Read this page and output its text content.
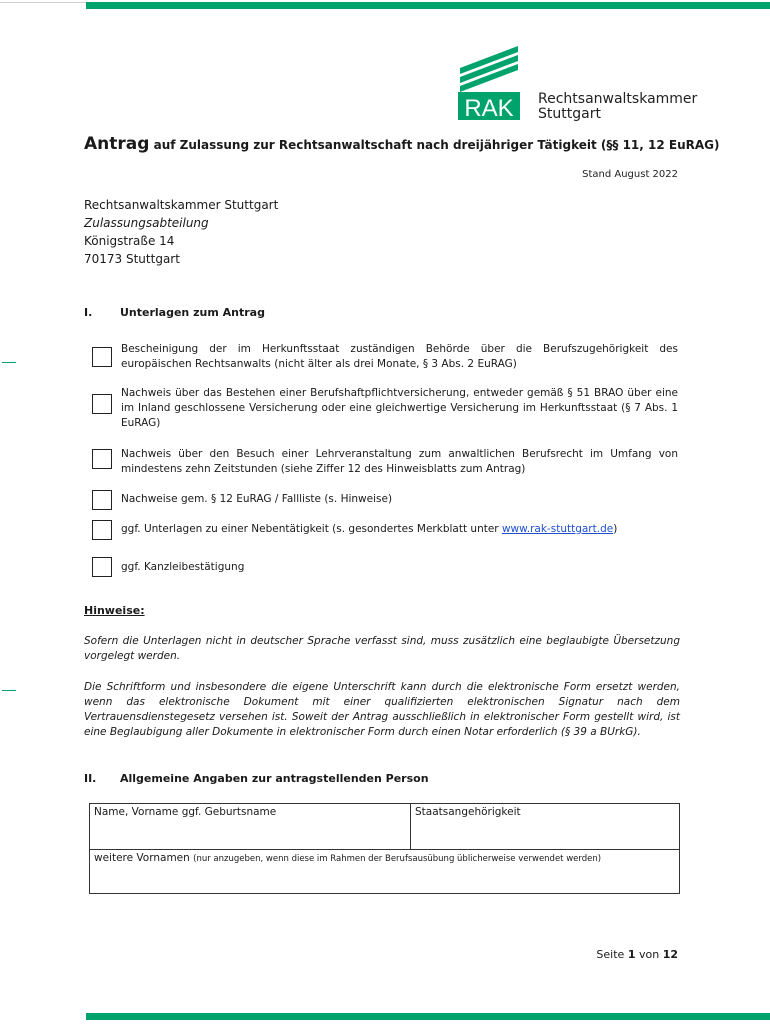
RAK Rechtsanwaltskammer
Stuttgart
Antrag auf Zulassung zur Rechtsanwaltschaft nach dreijähriger Tätigkeit (§§ 11, 12 EuRAG)
Stand August 2022
Rechtsanwaltskammer Stuttgart
Zulassungsabteilung
Königstraße 14
70173 Stuttgart
I.	Unterlagen zum Antrag
Bescheinigung der im Herkunftsstaat zuständigen Behörde über die Berufszugehörigkeit des europäischen Rechtsanwalts (nicht älter als drei Monate, § 3 Abs. 2 EuRAG)
Nachweis über das Bestehen einer Berufshaftpflichtversicherung, entweder gemäß § 51 BRAO über eine im Inland geschlossene Versicherung oder eine gleichwertige Versicherung im Herkunftsstaat (§ 7 Abs. 1 EuRAG)
Nachweis über den Besuch einer Lehrveranstaltung zum anwaltlichen Berufsrecht im Umfang von mindestens zehn Zeitstunden (siehe Ziffer 12 des Hinweisblatts zum Antrag)
Nachweise gem. § 12 EuRAG / Fallliste (s. Hinweise)
ggf. Unterlagen zu einer Nebentätigkeit (s. gesondertes Merkblatt unter www.rak-stuttgart.de)
ggf. Kanzleibestätigung
Hinweise:
Sofern die Unterlagen nicht in deutscher Sprache verfasst sind, muss zusätzlich eine beglaubigte Übersetzung vorgelegt werden.
Die Schriftform und insbesondere die eigene Unterschrift kann durch die elektronische Form ersetzt werden, wenn das elektronische Dokument mit einer qualifizierten elektronischen Signatur nach dem Vertrauensdienstegesetz versehen ist. Soweit der Antrag ausschließlich in elektronischer Form gestellt wird, ist eine Beglaubigung aller Dokumente in elektronischer Form durch einen Notar erforderlich (§ 39 a BUrkG).
II. Allgemeine Angaben zur antragstellenden Person
Name, Vorname ggf. Geburtsname	Staatsangehörigkeit
weitere Vornamen (nur anzugeben, wenn diese im Rahmen der Berufsausübung üblicherweise verwendet werden)
Seite 1 von 12
